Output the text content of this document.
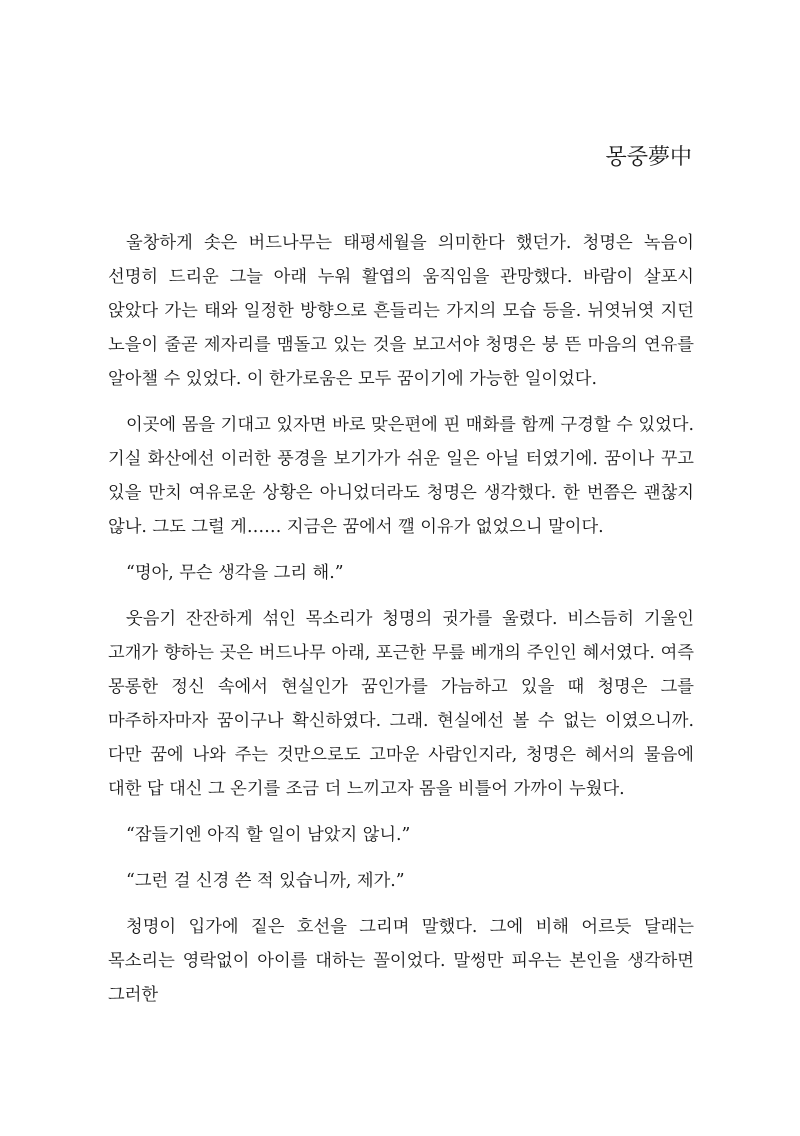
몽중夢中

울창하게 솟은 버드나무는 태평세월을 의미한다 했던가. 청명은 녹음이 선명히 드리운 그늘 아래 누워 활엽의 움직임을 관망했다. 바람이 살포시 앉았다 가는 태와 일정한 방향으로 흔들리는 가지의 모습 등을. 뉘엿뉘엿 지던 노을이 줄곧 제자리를 맴돌고 있는 것을 보고서야 청명은 붕 뜬 마음의 연유를 알아챌 수 있었다. 이 한가로움은 모두 꿈이기에 가능한 일이었다.

이곳에 몸을 기대고 있자면 바로 맞은편에 핀 매화를 함께 구경할 수 있었다. 기실 화산에선 이러한 풍경을 보기가가 쉬운 일은 아닐 터였기에. 꿈이나 꾸고 있을 만치 여유로운 상황은 아니었더라도 청명은 생각했다. 한 번쯤은 괜찮지 않나. 그도 그럴 게…… 지금은 꿈에서 깰 이유가 없었으니 말이다.

“명아, 무슨 생각을 그리 해.”

웃음기 잔잔하게 섞인 목소리가 청명의 귓가를 울렸다. 비스듬히 기울인 고개가 향하는 곳은 버드나무 아래, 포근한 무릎 베개의 주인인 혜서였다. 여즉 몽롱한 정신 속에서 현실인가 꿈인가를 가늠하고 있을 때 청명은 그를 마주하자마자 꿈이구나 확신하였다. 그래. 현실에선 볼 수 없는 이였으니까. 다만 꿈에 나와 주는 것만으로도 고마운 사람인지라, 청명은 혜서의 물음에 대한 답 대신 그 온기를 조금 더 느끼고자 몸을 비틀어 가까이 누웠다.

“잠들기엔 아직 할 일이 남았지 않니.”

“그런 걸 신경 쓴 적 있습니까, 제가.”

청명이 입가에 짙은 호선을 그리며 말했다. 그에 비해 어르듯 달래는 목소리는 영락없이 아이를 대하는 꼴이었다. 말썽만 피우는 본인을 생각하면 그러한
